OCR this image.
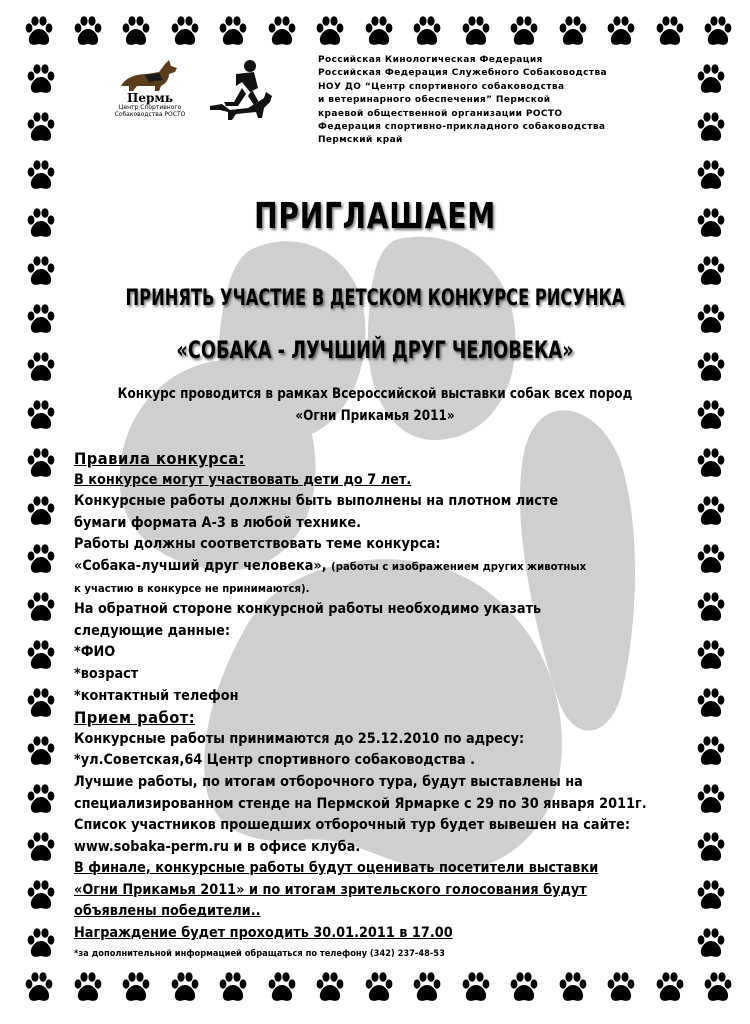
Пермь
Центр Спортивного
Собаководства РОСТО
Российская Кинологическая Федерация
Российская Федерация Служебного Собаководства
НОУ ДО “Центр спортивного собаководства
и ветеринарного обеспечения” Пермской
краевой общественной организации РОСТО
Федерация спортивно-прикладного собаководства
Пермский край
ПРИГЛАШАЕМ
ПРИНЯТЬ УЧАСТИЕ В ДЕТСКОМ КОНКУРСЕ РИСУНКА
«СОБАКА - ЛУЧШИЙ ДРУГ ЧЕЛОВЕКА»
Конкурс проводится в рамках Всероссийской выставки собак всех пород
«Огни Прикамья 2011»
Правила конкурса:
В конкурсе могут участвовать дети до 7 лет.
Конкурсные работы должны быть выполнены на плотном листе
бумаги формата А-3 в любой технике.
Работы должны соответствовать теме конкурса:
«Собака-лучший друг человека», (работы с изображением других животных
к участию в конкурсе не принимаются).
На обратной стороне конкурсной работы необходимо указать
следующие данные:
*ФИО
*возраст
*контактный телефон
Прием работ:
Конкурсные работы принимаются до 25.12.2010 по адресу:
*ул.Советская,64 Центр спортивного собаководства .
Лучшие работы, по итогам отборочного тура, будут выставлены на
специализированном стенде на Пермской Ярмарке с 29 по 30 января 2011г.
Список участников прошедших отборочный тур будет вывешен на сайте:
www.sobaka-perm.ru и в офисе клуба.
В финале, конкурсные работы будут оценивать посетители выставки
«Огни Прикамья 2011» и по итогам зрительского голосования будут
объявлены победители..
Награждение будет проходить 30.01.2011 в 17.00
*за дополнительной информацией обращаться по телефону (342) 237-48-53
